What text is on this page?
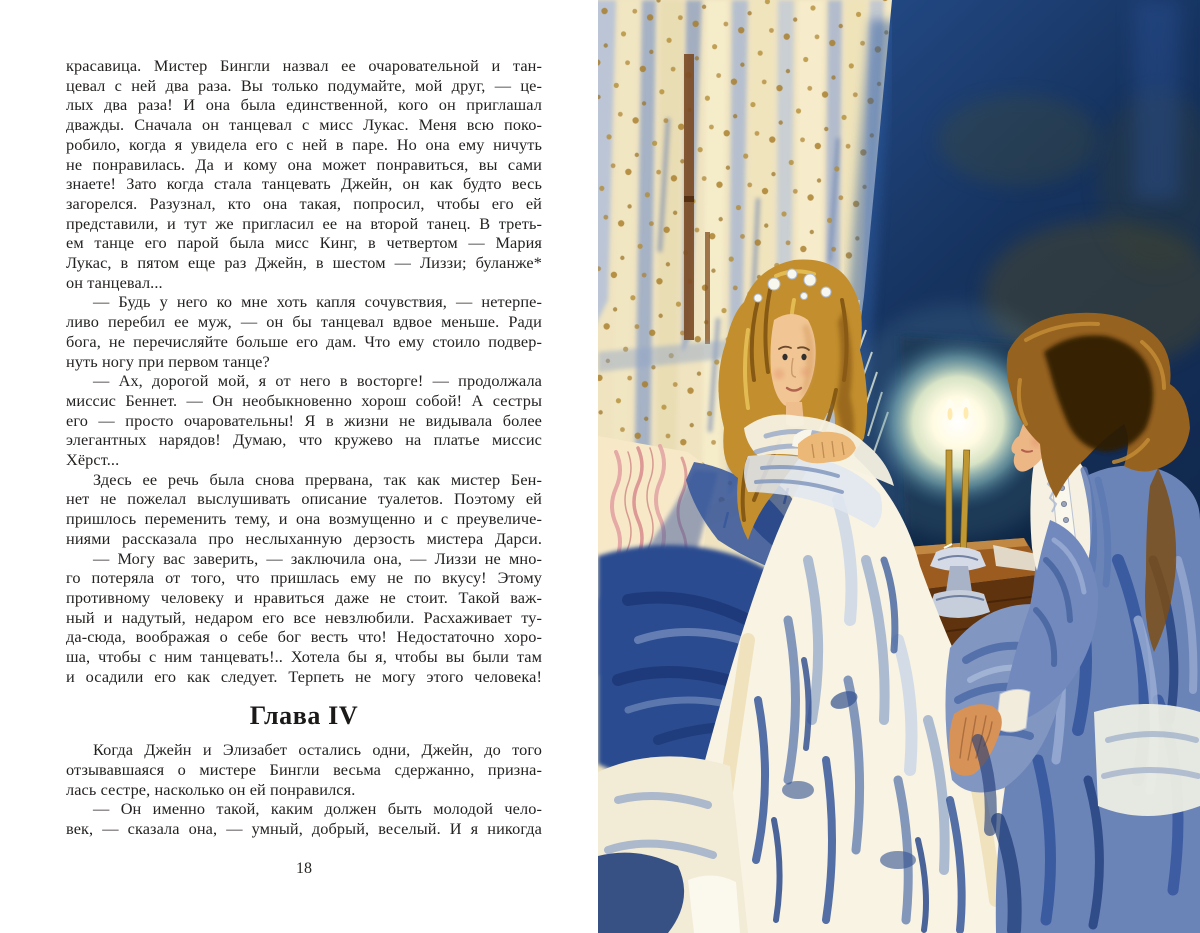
красавица. Мистер Бингли назвал ее очаровательной и тан-
цевал с ней два раза. Вы только подумайте, мой друг, — це-
лых два раза! И она была единственной, кого он приглашал
дважды. Сначала он танцевал с мисс Лукас. Меня всю поко-
робило, когда я увидела его с ней в паре. Но она ему ничуть
не понравилась. Да и кому она может понравиться, вы сами
знаете! Зато когда стала танцевать Джейн, он как будто весь
загорелся. Разузнал, кто она такая, попросил, чтобы его ей
представили, и тут же пригласил ее на второй танец. В треть-
ем танце его парой была мисс Кинг, в четвертом — Мария
Лукас, в пятом еще раз Джейн, в шестом — Лиззи; буланже*
он танцевал...
— Будь у него ко мне хоть капля сочувствия, — нетерпе-
ливо перебил ее муж, — он бы танцевал вдвое меньше. Ради
бога, не перечисляйте больше его дам. Что ему стоило подвер-
нуть ногу при первом танце?
— Ах, дорогой мой, я от него в восторге! — продолжала
миссис Беннет. — Он необыкновенно хорош собой! А сестры
его — просто очаровательны! Я в жизни не видывала более
элегантных нарядов! Думаю, что кружево на платье миссис
Хёрст...
Здесь ее речь была снова прервана, так как мистер Бен-
нет не пожелал выслушивать описание туалетов. Поэтому ей
пришлось переменить тему, и она возмущенно и с преувеличе-
ниями рассказала про неслыханную дерзость мистера Дарси.
— Могу вас заверить, — заключила она, — Лиззи не мно-
го потеряла от того, что пришлась ему не по вкусу! Этому
противному человеку и нравиться даже не стоит. Такой важ-
ный и надутый, недаром его все невзлюбили. Расхаживает ту-
да-сюда, воображая о себе бог весть что! Недостаточно хоро-
ша, чтобы с ним танцевать!.. Хотела бы я, чтобы вы были там
и осадили его как следует. Терпеть не могу этого человека!
Глава IV
Когда Джейн и Элизабет остались одни, Джейн, до того
отзывавшаяся о мистере Бингли весьма сдержанно, призна-
лась сестре, насколько он ей понравился.
— Он именно такой, каким должен быть молодой чело-
век, — сказала она, — умный, добрый, веселый. И я никогда
18
